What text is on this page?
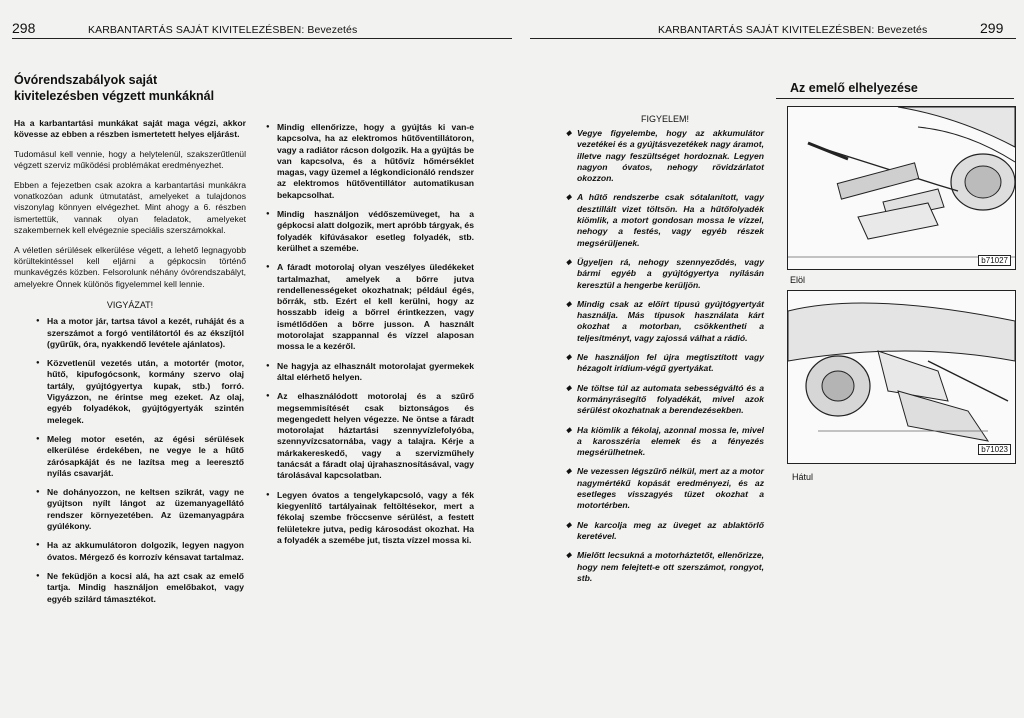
298	KARBANTARTÁS SAJÁT KIVITELEZÉSBEN: Bevezetés	KARBANTARTÁS SAJÁT KIVITELEZÉSBEN: Bevezetés	299
Óvórendszabályok saját kivitelezésben végzett munkáknál

Ha a karbantartási munkákat saját maga végzi, akkor kövesse az ebben a részben ismertetett helyes eljárást.

Tudomásul kell vennie, hogy a helytelenül, szakszerűtlenül végzett szerviz működési problémákat eredményezhet.

Ebben a fejezetben csak azokra a karbantartási munkákra vonatkozóan adunk útmutatást, amelyeket a tulajdonos viszonylag könnyen elvégezhet. Mint ahogy a 6. részben ismertettük, vannak olyan feladatok, amelyeket szakembernek kell elvégeznie speciális szerszámokkal.

A véletlen sérülések elkerülése végett, a lehető legnagyobb körültekintéssel kell eljárni a gépkocsin történő munkavégzés közben. Felsorolunk néhány óvórendszabályt, amelyekre Önnek különös figyelemmel kell lennie.

VIGYÁZAT!
● Ha a motor jár, tartsa távol a kezét, ruháját és a szerszámot a forgó ventilátortól és az ékszíjtól (gyűrűk, óra, nyakkendő levétele ajánlatos).
● Közvetlenül vezetés után, a motortér (motor, hűtő, kipufogócsonk, kormány szervo olaj tartály, gyújtógyertya kupak, stb.) forró. Vigyázzon, ne érintse meg ezeket. Az olaj, egyéb folyadékok, gyújtógyertyák szintén melegek.
● Meleg motor esetén, az égési sérülések elkerülése érdekében, ne vegye le a hűtő zárósapkáját és ne lazítsa meg a leeresztő nyílás csavarját.
● Ne dohányozzon, ne keltsen szikrát, vagy ne gyújtson nyílt lángot az üzemanyagellátó rendszer környezetében. Az üzemanyagpára gyúlékony.
● Ha az akkumulátoron dolgozik, legyen nagyon óvatos. Mérgező és korrozív kénsavat tartalmaz.
● Ne feküdjön a kocsi alá, ha azt csak az emelő tartja. Mindig használjon emelőbakot, vagy egyéb szilárd támasztékot.
● Mindig ellenőrizze, hogy a gyújtás ki van-e kapcsolva, ha az elektromos hűtőventillátoron, vagy a radiátor rácson dolgozik. Ha a gyújtás be van kapcsolva, és a hűtővíz hőmérséklet magas, vagy üzemel a légkondicionáló rendszer az elektromos hűtőventillátor automatikusan bekapcsolhat.
● Mindig használjon védőszemüveget, ha a gépkocsi alatt dolgozik, mert apróbb tárgyak, és folyadék kifúvásakor esetleg folyadék, stb. kerülhet a szemébe.
● A fáradt motorolaj olyan veszélyes üledékeket tartalmazhat, amelyek a bőrre jutva rendellenességeket okozhatnak; például égés, bőrrák, stb. Ezért el kell kerülni, hogy az hosszabb ideig a bőrrel érintkezzen, vagy ismétlődően a bőrre jusson. A használt motorolajat szappannal és vízzel alaposan mossa le a kezéről.
● Ne hagyja az elhasznált motorolajat gyermekek által elérhető helyen.
● Az elhasználódott motorolaj és a szűrő megsemmisítését csak biztonságos és megengedett helyen végezze. Ne öntse a fáradt motorolajat háztartási szennyvízlefolyóba, szennyvízcsatornába, vagy a talajra. Kérje a márkakereskedő, vagy a szervizműhely tanácsát a fáradt olaj újrahasznosításával, vagy tárolásával kapcsolatban.
● Legyen óvatos a tengelykapcsoló, vagy a fék kiegyenlítő tartályainak feltöltésekor, mert a fékolaj szembe fröccsenve sérülést, a festett felületekre jutva, pedig károsodást okozhat. Ha a folyadék a szemébe jut, tiszta vízzel mossa ki.
FIGYELEM!
◆ Vegye figyelembe, hogy az akkumulátor vezetékei és a gyújtásvezetékek nagy áramot, illetve nagy feszültséget hordoznak. Legyen nagyon óvatos, nehogy rövidzárlatot okozzon.
◆ A hűtő rendszerbe csak sótalanított, vagy desztillált vizet töltsön. Ha a hűtőfolyadék kiömlik, a motort gondosan mossa le vízzel, nehogy a festés, vagy egyéb részek megsérüljenek.
◆ Ügyeljen rá, nehogy szennyeződés, vagy bármi egyéb a gyújtógyertya nyílásán keresztül a hengerbe kerüljön.
◆ Mindig csak az előírt típusú gyújtógyertyát használja. Más típusok használata kárt okozhat a motorban, csökkentheti a teljesítményt, vagy zajossá válhat a rádió.
◆ Ne használjon fel újra megtisztított vagy hézagolt irídium-végű gyertyákat.
◆ Ne töltse túl az automata sebességváltó és a kormányrásegítő folyadékát, mivel azok sérülést okozhatnak a berendezésekben.
◆ Ha kiömlik a fékolaj, azonnal mossa le, mivel a karosszéria elemek és a fényezés megsérülhetnek.
◆ Ne vezessen légszűrő nélkül, mert az a motor nagymértékű kopását eredményezi, és az esetleges visszagyés tüzet okozhat a motortérben.
◆ Ne karcolja meg az üveget az ablaktörlő keretével.
◆ Mielőtt lecsukná a motorháztetőt, ellenőrizze, hogy nem felejtett-e ott szerszámot, rongyot, stb.
Az emelő elhelyezése
b71027
Elöl
b71023
Hátul
